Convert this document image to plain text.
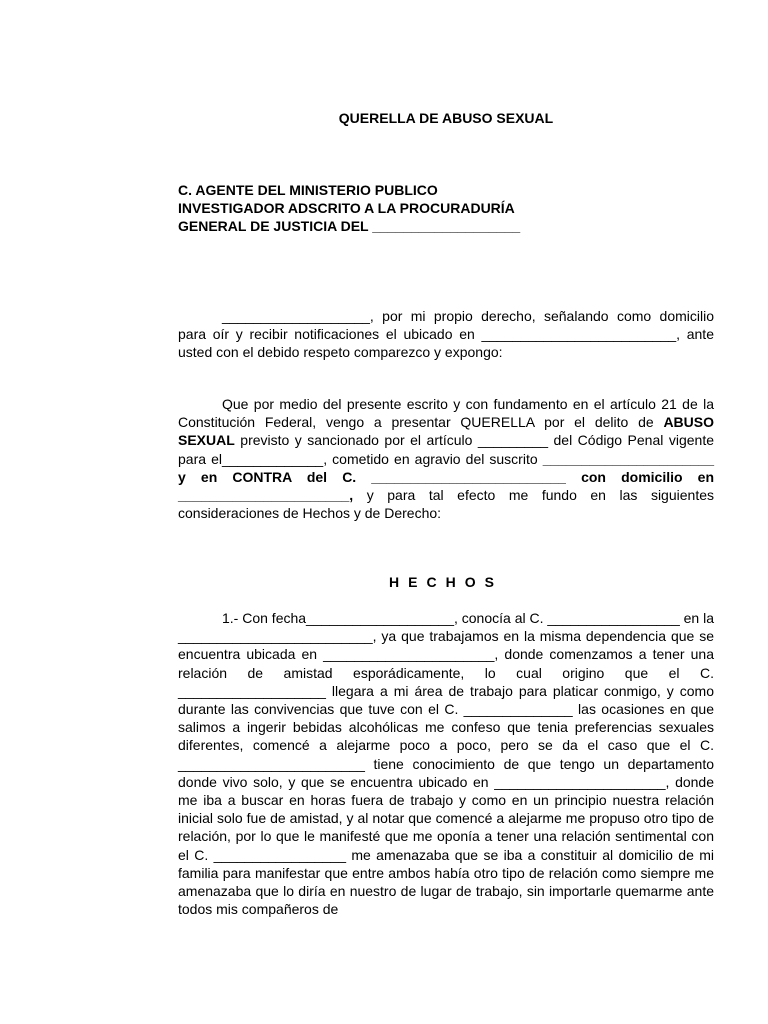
QUERELLA DE ABUSO SEXUAL
C. AGENTE DEL MINISTERIO PUBLICO
INVESTIGADOR ADSCRITO A LA PROCURADURÍA
GENERAL DE JUSTICIA DEL ___________________
___________________, por mi propio derecho, señalando como domicilio para oír y recibir notificaciones el ubicado en _________________________, ante usted con el debido respeto comparezco y expongo:
Que por medio del presente escrito y con fundamento en el artículo 21 de la Constitución Federal, vengo a presentar QUERELLA por el delito de ABUSO SEXUAL previsto y sancionado por el artículo _________ del Código Penal vigente para el_____________, cometido en agravio del suscrito ______________________ y en CONTRA del C. _________________________ con domicilio en ______________________, y para tal efecto me fundo en las siguientes consideraciones de Hechos y de Derecho:
HECHOS
1.- Con fecha___________________, conocía al C. _________________ en la _________________________, ya que trabajamos en la misma dependencia que se encuentra ubicada en ______________________, donde comenzamos a tener una relación de amistad esporádicamente, lo cual origino que el C. ___________________ llegara a mi área de trabajo para platicar conmigo, y como durante las convivencias que tuve con el C. ______________ las ocasiones en que salimos a ingerir bebidas alcohólicas me confeso que tenia preferencias sexuales diferentes, comencé a alejarme poco a poco, pero se da el caso que el C. ________________________ tiene conocimiento de que tengo un departamento donde vivo solo, y que se encuentra ubicado en ______________________, donde me iba a buscar en horas fuera de trabajo y como en un principio nuestra relación inicial solo fue de amistad, y al notar que comencé a alejarme me propuso otro tipo de relación, por lo que le manifesté que me oponía a tener una relación sentimental con el C. _________________ me amenazaba que se iba a constituir al domicilio de mi familia para manifestar que entre ambos había otro tipo de relación como siempre me amenazaba que lo diría en nuestro de lugar de trabajo, sin importarle quemarme ante todos mis compañeros de
